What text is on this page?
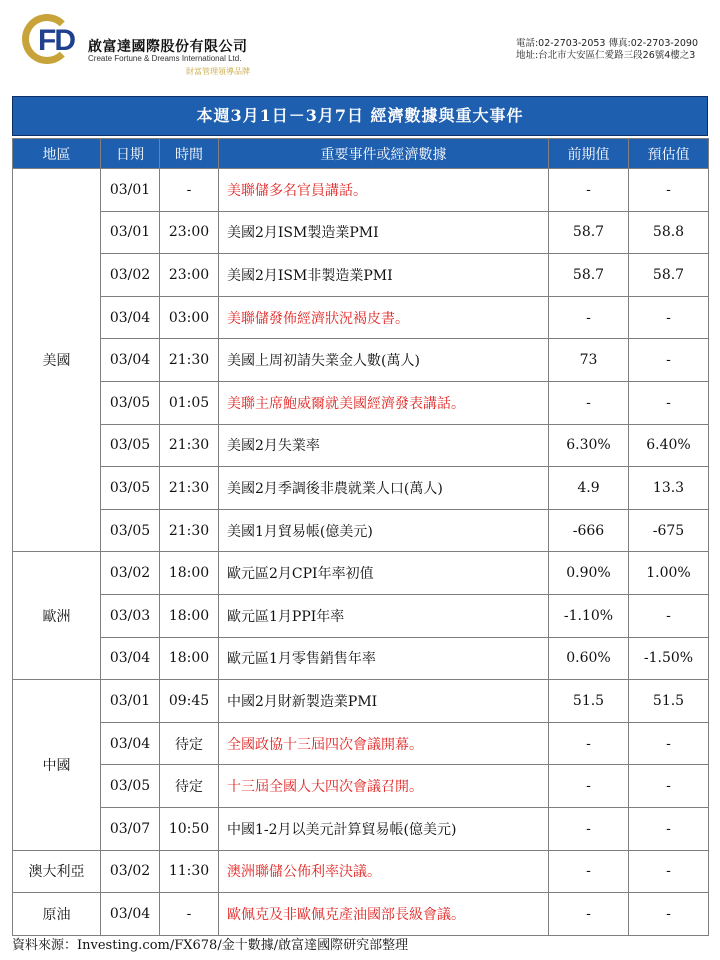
FD 啟富達國際股份有限公司
Create Fortune & Dreams International Ltd.
財富管理領導品牌
電話:02-2703-2053 傳真:02-2703-2090
地址:台北市大安區仁愛路三段26號4樓之3
本週3月1日－3月7日 經濟數據與重大事件
地區	日期	時間	重要事件或經濟數據	前期值	預估值
美國	03/01	-	美聯儲多名官員講話。	-	-
	03/01	23:00	美國2月ISM製造業PMI	58.7	58.8
	03/02	23:00	美國2月ISM非製造業PMI	58.7	58.7
	03/04	03:00	美聯儲發佈經濟狀況褐皮書。	-	-
	03/04	21:30	美國上周初請失業金人數(萬人)	73	-
	03/05	01:05	美聯主席鮑威爾就美國經濟發表講話。	-	-
	03/05	21:30	美國2月失業率	6.30%	6.40%
	03/05	21:30	美國2月季調後非農就業人口(萬人)	4.9	13.3
	03/05	21:30	美國1月貿易帳(億美元)	-666	-675
歐洲	03/02	18:00	歐元區2月CPI年率初值	0.90%	1.00%
	03/03	18:00	歐元區1月PPI年率	-1.10%	-
	03/04	18:00	歐元區1月零售銷售年率	0.60%	-1.50%
中國	03/01	09:45	中國2月財新製造業PMI	51.5	51.5
	03/04	待定	全國政協十三屆四次會議開幕。	-	-
	03/05	待定	十三屆全國人大四次會議召開。	-	-
	03/07	10:50	中國1-2月以美元計算貿易帳(億美元)	-	-
澳大利亞	03/02	11:30	澳洲聯儲公佈利率決議。	-	-
原油	03/04	-	歐佩克及非歐佩克產油國部長級會議。	-	-
資料來源：Investing.com/FX678/金十數據/啟富達國際研究部整理
